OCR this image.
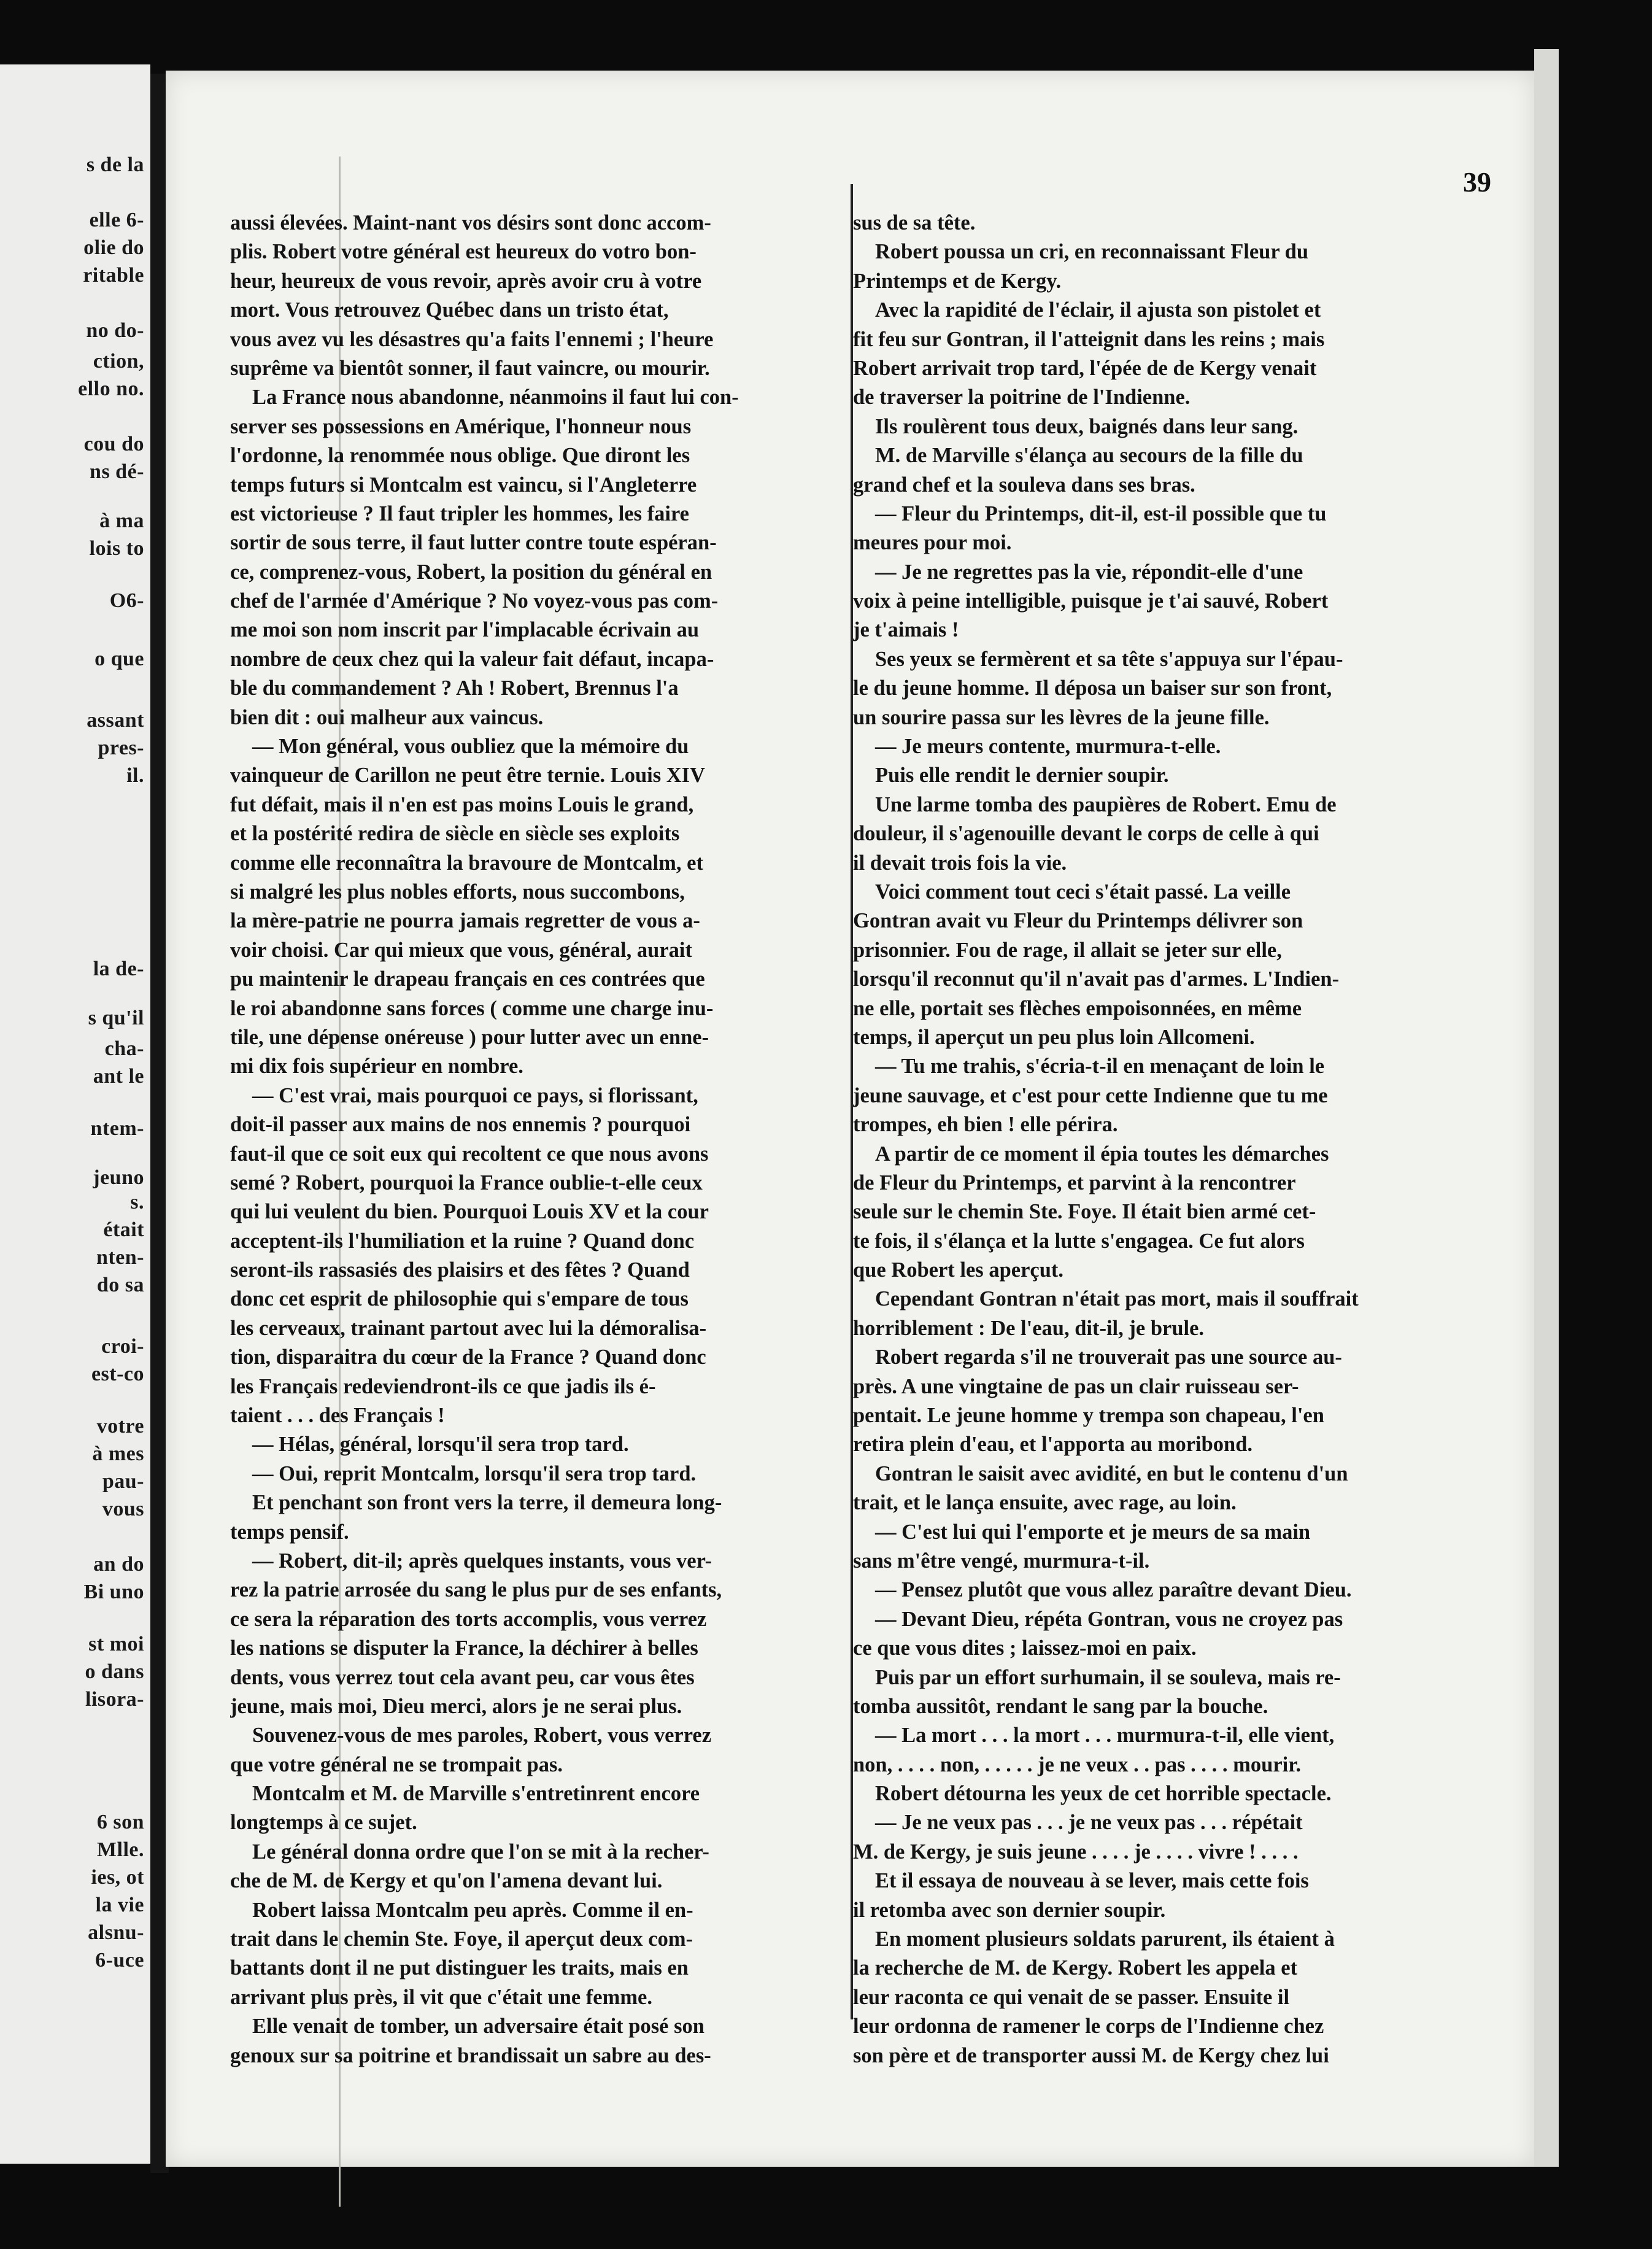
s de la
elle 6-
olie do
ritable
no do-
ction,
ello no.
cou do
ns dé-
à ma
lois to
O6-
o que
assant
pres-
il.
la de-
s qu'il
cha-
ant le
ntem-
jeuno
s.
était
nten-
do sa
croi-
est-co
votre
à mes
pau-
vous
an do
Bi uno
st moi
o dans
lisora-
6 son
Mlle.
ies, ot
la vie
alsnu-
6-uce
39
aussi élevées. Maint-nant vos désirs sont donc accom-
plis. Robert votre général est heureux do votro bon-
heur, heureux de vous revoir, après avoir cru à votre
mort. Vous retrouvez Québec dans un tristo état,
vous avez vu les désastres qu'a faits l'ennemi ; l'heure
suprême va bientôt sonner, il faut vaincre, ou mourir.
La France nous abandonne, néanmoins il faut lui con-
server ses possessions en Amérique, l'honneur nous
l'ordonne, la renommée nous oblige. Que diront les
temps futurs si Montcalm est vaincu, si l'Angleterre
est victorieuse ? Il faut tripler les hommes, les faire
sortir de sous terre, il faut lutter contre toute espéran-
ce, comprenez-vous, Robert, la position du général en
chef de l'armée d'Amérique ? No voyez-vous pas com-
me moi son nom inscrit par l'implacable écrivain au
nombre de ceux chez qui la valeur fait défaut, incapa-
ble du commandement ? Ah ! Robert, Brennus l'a
bien dit : oui malheur aux vaincus.
— Mon général, vous oubliez que la mémoire du
vainqueur de Carillon ne peut être ternie. Louis XIV
fut défait, mais il n'en est pas moins Louis le grand,
et la postérité redira de siècle en siècle ses exploits
comme elle reconnaîtra la bravoure de Montcalm, et
si malgré les plus nobles efforts, nous succombons,
la mère-patrie ne pourra jamais regretter de vous a-
voir choisi. Car qui mieux que vous, général, aurait
pu maintenir le drapeau français en ces contrées que
le roi abandonne sans forces ( comme une charge inu-
tile, une dépense onéreuse ) pour lutter avec un enne-
mi dix fois supérieur en nombre.
— C'est vrai, mais pourquoi ce pays, si florissant,
doit-il passer aux mains de nos ennemis ? pourquoi
faut-il que ce soit eux qui recoltent ce que nous avons
semé ? Robert, pourquoi la France oublie-t-elle ceux
qui lui veulent du bien. Pourquoi Louis XV et la cour
acceptent-ils l'humiliation et la ruine ? Quand donc
seront-ils rassasiés des plaisirs et des fêtes ? Quand
donc cet esprit de philosophie qui s'empare de tous
les cerveaux, trainant partout avec lui la démoralisa-
tion, disparaitra du cœur de la France ? Quand donc
les Français redeviendront-ils ce que jadis ils é-
taient . . . des Français !
— Hélas, général, lorsqu'il sera trop tard.
— Oui, reprit Montcalm, lorsqu'il sera trop tard.
Et penchant son front vers la terre, il demeura long-
temps pensif.
— Robert, dit-il; après quelques instants, vous ver-
rez la patrie arrosée du sang le plus pur de ses enfants,
ce sera la réparation des torts accomplis, vous verrez
les nations se disputer la France, la déchirer à belles
dents, vous verrez tout cela avant peu, car vous êtes
jeune, mais moi, Dieu merci, alors je ne serai plus.
Souvenez-vous de mes paroles, Robert, vous verrez
que votre général ne se trompait pas.
Montcalm et M. de Marville s'entretinrent encore
longtemps à ce sujet.
Le général donna ordre que l'on se mit à la recher-
che de M. de Kergy et qu'on l'amena devant lui.
Robert laissa Montcalm peu après. Comme il en-
trait dans le chemin Ste. Foye, il aperçut deux com-
battants dont il ne put distinguer les traits, mais en
arrivant plus près, il vit que c'était une femme.
Elle venait de tomber, un adversaire était posé son
genoux sur sa poitrine et brandissait un sabre au des-
sus de sa tête.
Robert poussa un cri, en reconnaissant Fleur du
Printemps et de Kergy.
Avec la rapidité de l'éclair, il ajusta son pistolet et
fit feu sur Gontran, il l'atteignit dans les reins ; mais
Robert arrivait trop tard, l'épée de de Kergy venait
de traverser la poitrine de l'Indienne.
Ils roulèrent tous deux, baignés dans leur sang.
M. de Marville s'élança au secours de la fille du
grand chef et la souleva dans ses bras.
— Fleur du Printemps, dit-il, est-il possible que tu
meures pour moi.
— Je ne regrettes pas la vie, répondit-elle d'une
voix à peine intelligible, puisque je t'ai sauvé, Robert
je t'aimais !
Ses yeux se fermèrent et sa tête s'appuya sur l'épau-
le du jeune homme. Il déposa un baiser sur son front,
un sourire passa sur les lèvres de la jeune fille.
— Je meurs contente, murmura-t-elle.
Puis elle rendit le dernier soupir.
Une larme tomba des paupières de Robert. Emu de
douleur, il s'agenouille devant le corps de celle à qui
il devait trois fois la vie.
Voici comment tout ceci s'était passé. La veille
Gontran avait vu Fleur du Printemps délivrer son
prisonnier. Fou de rage, il allait se jeter sur elle,
lorsqu'il reconnut qu'il n'avait pas d'armes. L'Indien-
ne elle, portait ses flèches empoisonnées, en même
temps, il aperçut un peu plus loin Allcomeni.
— Tu me trahis, s'écria-t-il en menaçant de loin le
jeune sauvage, et c'est pour cette Indienne que tu me
trompes, eh bien ! elle périra.
A partir de ce moment il épia toutes les démarches
de Fleur du Printemps, et parvint à la rencontrer
seule sur le chemin Ste. Foye. Il était bien armé cet-
te fois, il s'élança et la lutte s'engagea. Ce fut alors
que Robert les aperçut.
Cependant Gontran n'était pas mort, mais il souffrait
horriblement : De l'eau, dit-il, je brule.
Robert regarda s'il ne trouverait pas une source au-
près. A une vingtaine de pas un clair ruisseau ser-
pentait. Le jeune homme y trempa son chapeau, l'en
retira plein d'eau, et l'apporta au moribond.
Gontran le saisit avec avidité, en but le contenu d'un
trait, et le lança ensuite, avec rage, au loin.
— C'est lui qui l'emporte et je meurs de sa main
sans m'être vengé, murmura-t-il.
— Pensez plutôt que vous allez paraître devant Dieu.
— Devant Dieu, répéta Gontran, vous ne croyez pas
ce que vous dites ; laissez-moi en paix.
Puis par un effort surhumain, il se souleva, mais re-
tomba aussitôt, rendant le sang par la bouche.
— La mort . . . la mort . . . murmura-t-il, elle vient,
non, . . . . non, . . . . . je ne veux . . pas . . . . mourir.
Robert détourna les yeux de cet horrible spectacle.
— Je ne veux pas . . . je ne veux pas . . . répétait
M. de Kergy, je suis jeune . . . . je . . . . vivre ! . . . .
Et il essaya de nouveau à se lever, mais cette fois
il retomba avec son dernier soupir.
En moment plusieurs soldats parurent, ils étaient à
la recherche de M. de Kergy. Robert les appela et
leur raconta ce qui venait de se passer. Ensuite il
leur ordonna de ramener le corps de l'Indienne chez
son père et de transporter aussi M. de Kergy chez lui
